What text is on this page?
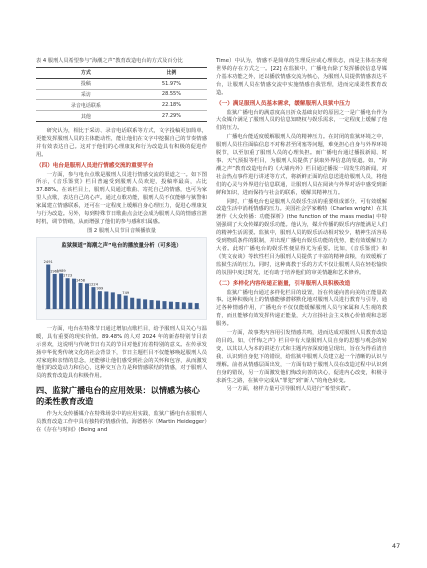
表 4 服刑人员希望参与“海潮之声”教育改造电台的方式及百分比
方式	比例
投稿	51.97%
采访	28.55%
录音电话联系	22.18%
其他	27.29%

研究认为，相比于采访、录音电话联系等方式，文字投稿更加简单，更能发挥服刑人员的主体能动性，能让他们在文字中挖掘自己的节奏情感并有效表达自己。这对于他们的心理康复和行为改造具有积极的促进作用。

（四）电台是服刑人员进行情感交流的重要平台

一方面，参与电台点歌是服刑人员进行情感交流的渠道之一。如下图所示，《音乐鉴赏》栏目普遍受到服刑人员欢迎，投稿率最高，占比 37.88%。在该栏目上，服刑人员通过歌曲、寄托自己的情感，也可为家里人点歌，表达自己的心声。通过点歌功能，服刑人员不仅能够与狱警和家属建立情感联系，还可在一定程度上缓解自身心理压力，促进心理康复与行为改造。另外，每到特殊节日歌曲点会还会成为服刑人员的情感宣泄时机，调节情绪，从而增强了他们的参与感和归属感。

图 2 服刑人员节目音频播放量
监狱频道“海潮之声”电台的播放量分析（可多选）
2491
1962
1989
1723
1458
1224
999
749

一方面，电台在特殊节日通过增加点歌栏目，给予服刑人员关心与温暖，具有重要的现实价值。89.48% 的人对 2024 年的新春特别节目表示喜欢，这说明与传统节日有关的节目对他们有着特别的意义。在传承发扬中华优秀传统文化的社会背景下，节日主题栏目不仅能够唤起服刑人员对家庭和亲情的思念，还能够让他们感受到社会的关怀和包容，从而激发他们的改造动力和信心，这种交互合力是和情感联结的情感，对于服刑人员的教育改造具有积极作用。

四、监狱广播电台的应用效果：以情感为核心的柔性教育改造

作为大众传播媒介在特殊场景中的应用实践，监狱广播电台在服刑人员教育改造工作中具有独特的情感价值。海德格尔（Martin Heidegger）在《存在与时间》(Being and

Time）中认为，情感不是简单的生理反应或心理状态，而是主体在客观世界的存在方式之一。[22] 在监狱中，广播电台除了发挥播放信息导媒介基本功能之外，还以播放情感交流为核心，为服刑人员提供情感表达平台，让服刑人员在情感交流中实施情感自我管理，进而完成柔性教育改造。

（一）满足服刑人员基本需求，缓解服刑人员狱中压力

监狱广播电台的满意度高且折众基础良好的原因之一是广播电台作为大众媒介满足了服刑人员的信息知晓权与娱乐需求，一定程度上缓解了他们的压力。

广播电台能适度缓解服刑人员的精神压力。在封闭的监狱环境之中，服刑人员往往面临信息不对称甚至闭塞等问题，难免担心自身与外界环境脱节，以至加重了服刑人员的心理负担。而广播电台通过播报新闻、时事、天气预报等栏目，为服刑人员提供了获取外界信息的渠道。如，“海潮之声”教育改造电台的《大墙内外》栏目通过播报一周发生的新闻，对社会热点事件进行讲述等方式，将新鲜正面的信息送进给服刑人员，将他们的心灵与外界进行信息联通，让服刑人员在阅读与外界对话中感受到新鲜和知识，进而保持与社会的联系，缓解其精神压力。

同时，广播电台也是服刑人员娱乐生活的重要组成部分，可有效缓解改造生活中消耗情感的压力。美国社会学家赖特（Charles wright）在其著作《大众传播：功能探析》(the function of the mass media) 中特别强调了大众传媒的娱乐功能。他认为，媒介传播的娱乐内容能满足人们的精神生活需要。监狱中，服刑人员的娱乐活动相对较少，精神生活容易受到物质条件的限制，并出现广播电台娱乐功能的优势，能有效缓解压力大者。此时广播电台的娱乐性便显得尤为重要。比如，《音乐鉴赏》和《笑文夜谈》等软性栏目为服刑人员提供了丰富的精神食粮，有效缓解了监狱生活的压力。同时，这种离教于乐的方式不仅让服刑人员在轻松愉快的氛围中度过时光，还有助于培养他们的审美情趣和艺术修养。

（二）多样化内容传递正能量，引导服刑人员积极改造

监狱广播电台通过多样化栏目的设置，旨在传递向善向美的正能量故事。这种积极向上的情感能够潜移默化地对服刑人员进行教育与引导，通过各种情感作用，广播电台不仅仅能缓解服刑人员与家属和人生观的教育，而且能够有效发挥传递正能量，大力宣扬社会主义核心价值观和志愿服务。

一方面，故事类内容用引发情感共鸣，进而达成对服刑人员教育改造的目的。如，《忏悔之声》栏目中有大量服刑人员自身的思想与观念的转变，以其以人为本的讲述方式和主题内容深度地呈现出，旨在为得看清自我、认识到自身犯下的错误，给监狱中服刑人员建立起一个清晰的认识与理解。前者从情感层面出发，一方面有助于服刑人员在改造过程中认识到自身的错误，另一方面激发他们悔改向善的决心，促进内心改变，积极寻求新生之路，在狱中完成从“罪犯”到“新人”的角色转变。

另一方面，榜样力量可引导服刑人员进行“希望实践”。

47
